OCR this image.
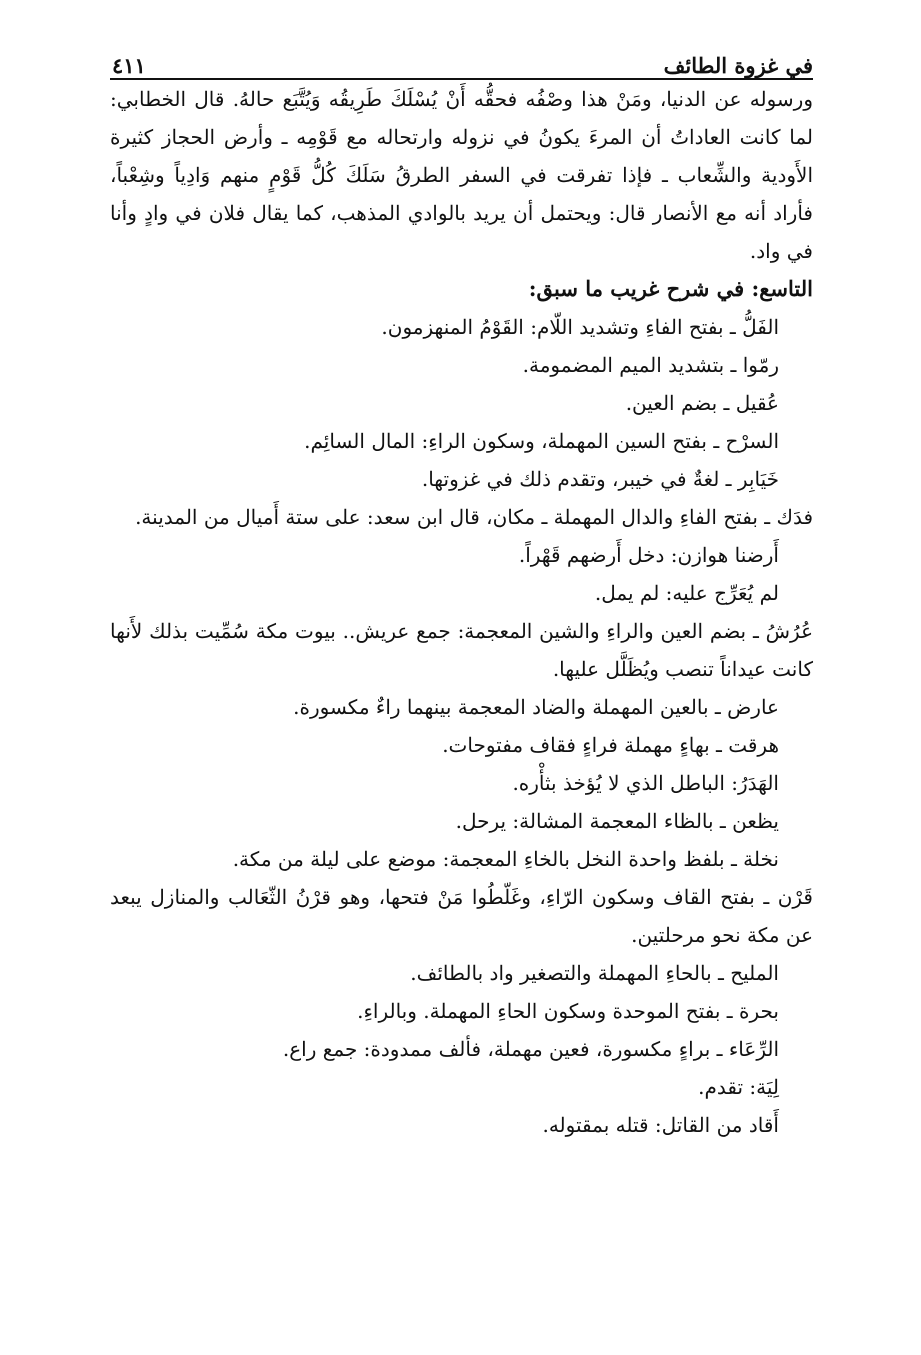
في غزوة الطائف
٤١١

ورسوله عن الدنيا، ومَنْ هذا وصْفُه فحقُّه أَنْ يُسْلَكَ طَرِيقُه وَيُتَّبَع حالهُ. قال الخطابي: لما كانت العاداتُ أن المرءَ يكونُ في نزوله وارتحاله مع قَوْمِه ـ وأرض الحجاز كثيرة الأَودية والشِّعاب ـ فإذا تفرقت في السفر الطرقُ سَلَكَ كُلُّ قَوْمٍ منهم وَادِياً وشِعْباً، فأراد أنه مع الأنصار قال: ويحتمل أن يريد بالوادي المذهب، كما يقال فلان في وادٍ وأنا في واد.

التاسع: في شرح غريب ما سبق:

الفَلُّ ـ بفتح الفاءِ وتشديد اللّام: القَوْمُ المنهزمون.

رمّوا ـ بتشديد الميم المضمومة.

عُقيل ـ بضم العين.

السرْح ـ بفتح السين المهملة، وسكون الراءِ: المال السائِم.

خَيَابِر ـ لغةٌ في خيبر، وتقدم ذلك في غزوتها.

فدَك ـ بفتح الفاءِ والدال المهملة ـ مكان، قال ابن سعد: على ستة أَميال من المدينة.

أَرضنا هوازن: دخل أَرضهم قَهْراً.

لم يُعَرِّج عليه: لم يمل.

عُرُشُ ـ بضم العين والراءِ والشين المعجمة: جمع عريش.. بيوت مكة سُمِّيت بذلك لأَنها كانت عيداناً تنصب ويُظَلَّل عليها.

عارض ـ بالعين المهملة والضاد المعجمة بينهما راءٌ مكسورة.

هرقت ـ بهاءٍ مهملة فراءٍ فقاف مفتوحات.

الهَدَرُ: الباطل الذي لا يُؤخذ بثأْره.

يظعن ـ بالظاء المعجمة المشالة: يرحل.

نخلة ـ بلفظ واحدة النخل بالخاءِ المعجمة: موضع على ليلة من مكة.

قَرْن ـ بفتح القاف وسكون الرّاءِ، وغَلّطُوا مَنْ فتحها، وهو قرْنُ الثّعَالب والمنازل يبعد عن مكة نحو مرحلتين.

المليح ـ بالحاءِ المهملة والتصغير واد بالطائف.

بحرة ـ بفتح الموحدة وسكون الحاءِ المهملة. وبالراءِ.

الرِّعَاء ـ براءٍ مكسورة، فعين مهملة، فألف ممدودة: جمع راع.

لِيَة: تقدم.

أَقاد من القاتل: قتله بمقتوله.
